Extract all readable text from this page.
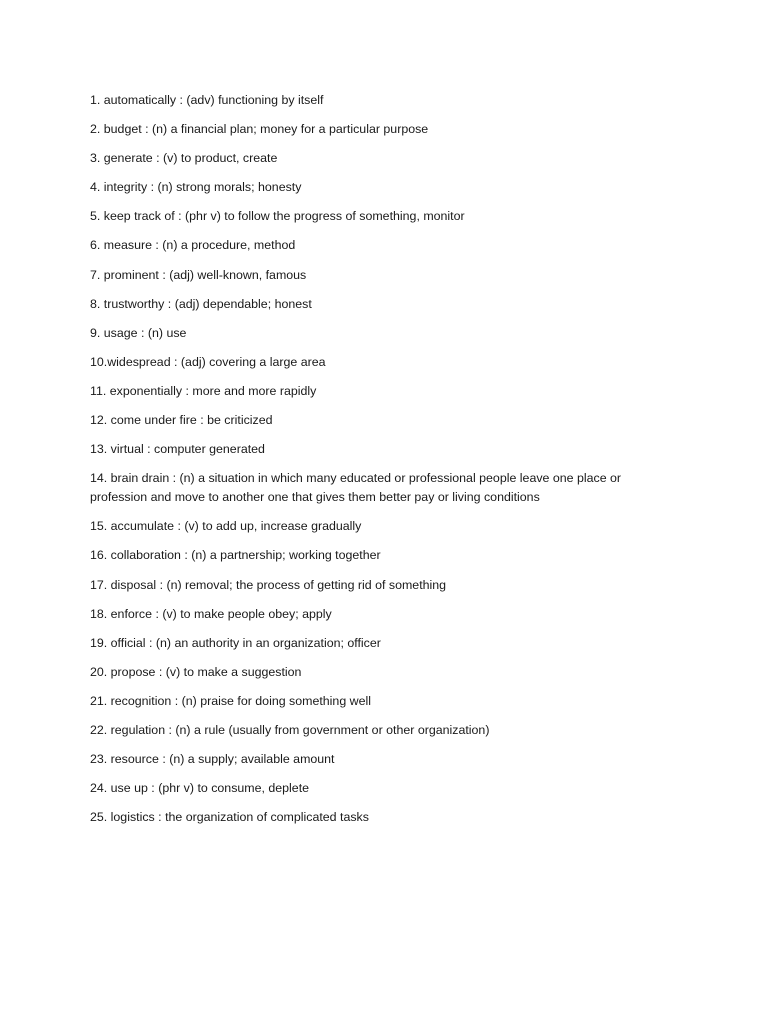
1. automatically : (adv) functioning by itself
2. budget : (n) a financial plan; money for a particular purpose
3. generate : (v) to product, create
4. integrity : (n) strong morals; honesty
5. keep track of : (phr v) to follow the progress of something, monitor
6. measure : (n) a procedure, method
7. prominent : (adj) well-known, famous
8. trustworthy : (adj) dependable; honest
9. usage : (n) use
10.widespread : (adj) covering a large area
11. exponentially : more and more rapidly
12. come under fire : be criticized
13. virtual : computer generated
14. brain drain : (n) a situation in which many educated or professional people leave one place or profession and move to another one that gives them better pay or living conditions
15. accumulate : (v) to add up, increase gradually
16. collaboration : (n) a partnership; working together
17. disposal : (n) removal; the process of getting rid of something
18. enforce : (v) to make people obey; apply
19. official : (n) an authority in an organization; officer
20. propose : (v) to make a suggestion
21. recognition : (n) praise for doing something well
22. regulation : (n) a rule (usually from government or other organization)
23. resource : (n) a supply; available amount
24. use up : (phr v) to consume, deplete
25. logistics : the organization of complicated tasks
